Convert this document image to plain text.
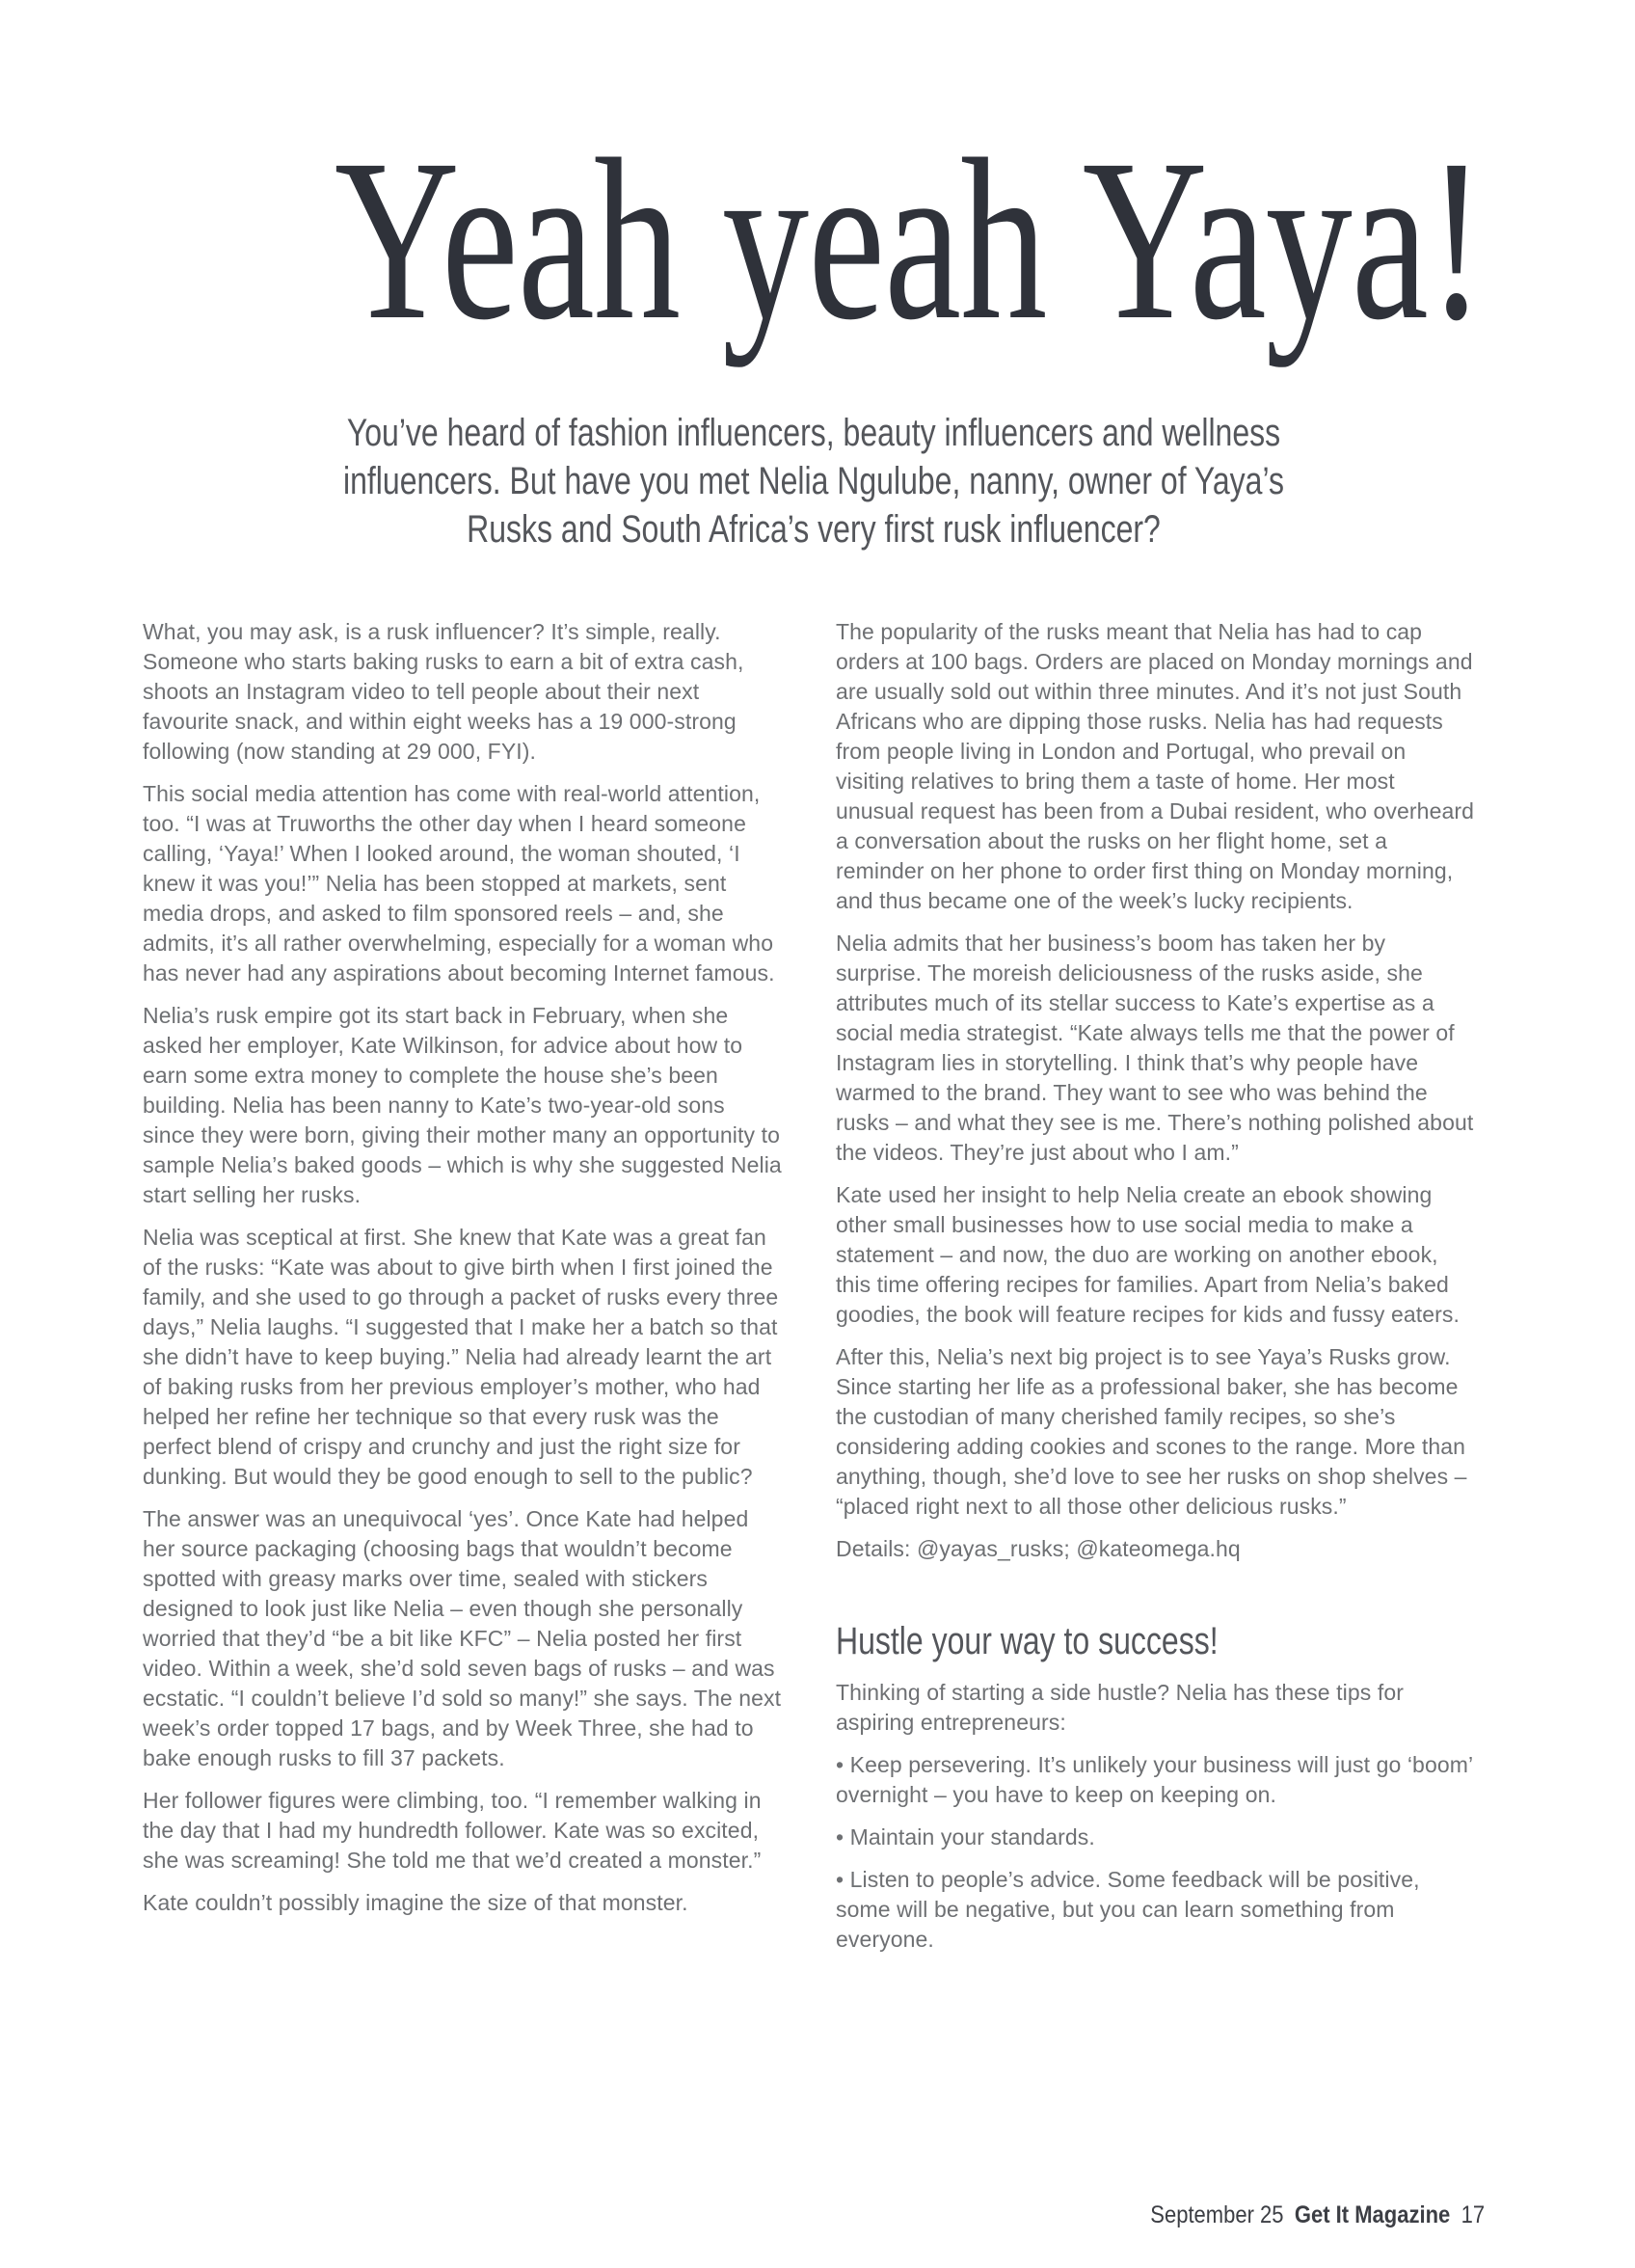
Yeah yeah Yaya!
You’ve heard of fashion influencers, beauty influencers and wellness
influencers. But have you met Nelia Ngulube, nanny, owner of Yaya’s
Rusks and South Africa’s very first rusk influencer?

What, you may ask, is a rusk influencer? It’s simple, really. Someone who starts baking rusks to earn a bit of extra cash, shoots an Instagram video to tell people about their next favourite snack, and within eight weeks has a 19 000-strong following (now standing at 29 000, FYI).

This social media attention has come with real-world attention, too. “I was at Truworths the other day when I heard someone calling, ‘Yaya!’ When I looked around, the woman shouted, ‘I knew it was you!’” Nelia has been stopped at markets, sent media drops, and asked to film sponsored reels – and, she admits, it’s all rather overwhelming, especially for a woman who has never had any aspirations about becoming Internet famous.

Nelia’s rusk empire got its start back in February, when she asked her employer, Kate Wilkinson, for advice about how to earn some extra money to complete the house she’s been building. Nelia has been nanny to Kate’s two-year-old sons since they were born, giving their mother many an opportunity to sample Nelia’s baked goods – which is why she suggested Nelia start selling her rusks.

Nelia was sceptical at first. She knew that Kate was a great fan of the rusks: “Kate was about to give birth when I first joined the family, and she used to go through a packet of rusks every three days,” Nelia laughs. “I suggested that I make her a batch so that she didn’t have to keep buying.” Nelia had already learnt the art of baking rusks from her previous employer’s mother, who had helped her refine her technique so that every rusk was the perfect blend of crispy and crunchy and just the right size for dunking. But would they be good enough to sell to the public?

The answer was an unequivocal ‘yes’. Once Kate had helped her source packaging (choosing bags that wouldn’t become spotted with greasy marks over time, sealed with stickers designed to look just like Nelia – even though she personally worried that they’d “be a bit like KFC” – Nelia posted her first video. Within a week, she’d sold seven bags of rusks – and was ecstatic. “I couldn’t believe I’d sold so many!” she says. The next week’s order topped 17 bags, and by Week Three, she had to bake enough rusks to fill 37 packets.

Her follower figures were climbing, too. “I remember walking in the day that I had my hundredth follower. Kate was so excited, she was screaming! She told me that we’d created a monster.”

Kate couldn’t possibly imagine the size of that monster.

The popularity of the rusks meant that Nelia has had to cap orders at 100 bags. Orders are placed on Monday mornings and are usually sold out within three minutes. And it’s not just South Africans who are dipping those rusks. Nelia has had requests from people living in London and Portugal, who prevail on visiting relatives to bring them a taste of home. Her most unusual request has been from a Dubai resident, who overheard a conversation about the rusks on her flight home, set a reminder on her phone to order first thing on Monday morning, and thus became one of the week’s lucky recipients.

Nelia admits that her business’s boom has taken her by surprise. The moreish deliciousness of the rusks aside, she attributes much of its stellar success to Kate’s expertise as a social media strategist. “Kate always tells me that the power of Instagram lies in storytelling. I think that’s why people have warmed to the brand. They want to see who was behind the rusks – and what they see is me. There’s nothing polished about the videos. They’re just about who I am.”

Kate used her insight to help Nelia create an ebook showing other small businesses how to use social media to make a statement – and now, the duo are working on another ebook, this time offering recipes for families. Apart from Nelia’s baked goodies, the book will feature recipes for kids and fussy eaters.

After this, Nelia’s next big project is to see Yaya’s Rusks grow. Since starting her life as a professional baker, she has become the custodian of many cherished family recipes, so she’s considering adding cookies and scones to the range. More than anything, though, she’d love to see her rusks on shop shelves – “placed right next to all those other delicious rusks.”

Details: @yayas_rusks; @kateomega.hq

Hustle your way to success!

Thinking of starting a side hustle? Nelia has these tips for aspiring entrepreneurs:

• Keep persevering. It’s unlikely your business will just go ‘boom’ overnight – you have to keep on keeping on.

• Maintain your standards.

• Listen to people’s advice. Some feedback will be positive, some will be negative, but you can learn something from everyone.

September 25 Get It Magazine 17
